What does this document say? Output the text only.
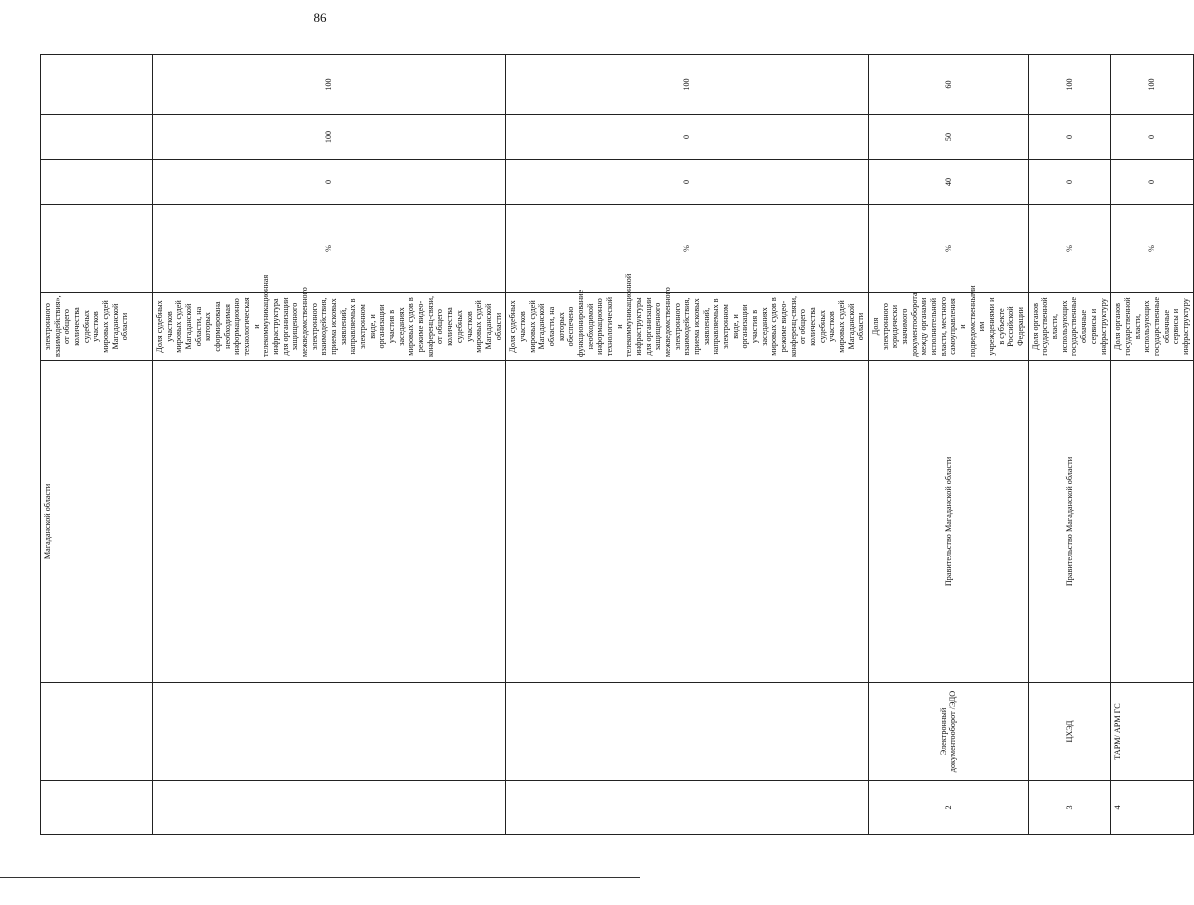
86
		Магаданской области	электронного взаимодействия», от общего количества судебных участков мировых судей Магаданской области				
			Доля судебных участков мировых судей Магаданской области, на которых сформирована необходимая информационно технологическая и телекоммуникационная инфраструктура для организации защищенного межведомственного электронного взаимодействия, приема исковых заявлений, направляемых в электронном виде, и организации участия в заседаниях мировых судов в режиме видео-конференц-связи, от общего количества судебных участков мировых судей Магаданской области	%	0	100	100
			Доля судебных участков мировых судей Магаданской области, на которых обеспечено функционирование необходимой информационно технологической и телекоммуникационной инфраструктуры для организации защищенного межведомственного электронного взаимодействия, приема исковых заявлений, направляемых в электронном виде, и организации участия в заседаниях мировых судов в режиме видео-конференц-связи, от общего количества судебных участков мировых судей Магаданской области	%	0	0	100
2	Электронный документооборот /ЭДО	Правительство Магаданской области	Доля электронного юридически значимого документооборота между органами исполнительной власти, местного самоуправления и подведомственными им учреждениями и в субъекте Российской Федерации	%	40	50	60
3	ЦХЭД	Правительство Магаданской области	Доля органов государственной власти, использующих государственные облачные сервисы и инфраструктуру	%	0	0	100
4	ТАРМ/ АРМ ГС		Доля органов государственной власти, использующих государственные облачные сервисы и инфраструктуру	%	0	0	100
